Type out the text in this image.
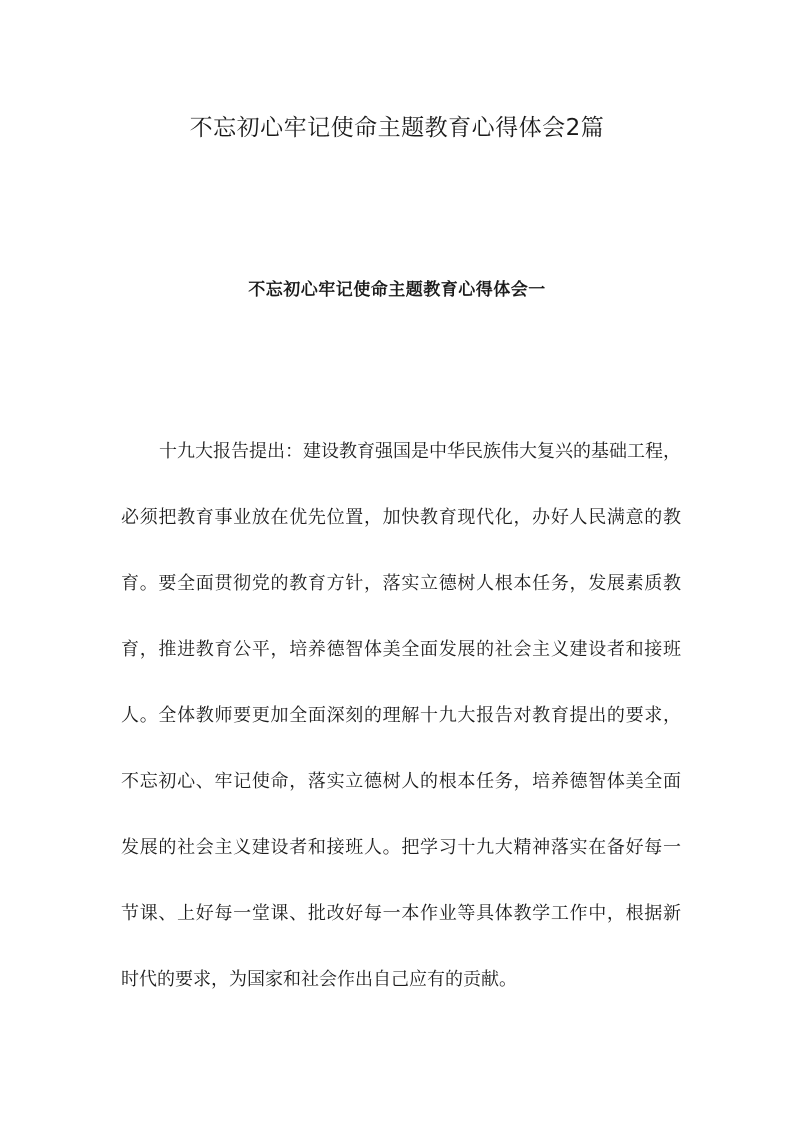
不忘初心牢记使命主题教育心得体会2篇
不忘初心牢记使命主题教育心得体会一
十九大报告提出：建设教育强国是中华民族伟大复兴的基础工程，
必须把教育事业放在优先位置，加快教育现代化，办好人民满意的教
育。要全面贯彻党的教育方针，落实立德树人根本任务，发展素质教
育，推进教育公平，培养德智体美全面发展的社会主义建设者和接班
人。全体教师要更加全面深刻的理解十九大报告对教育提出的要求，
不忘初心、牢记使命，落实立德树人的根本任务，培养德智体美全面
发展的社会主义建设者和接班人。把学习十九大精神落实在备好每一
节课、上好每一堂课、批改好每一本作业等具体教学工作中，根据新
时代的要求，为国家和社会作出自己应有的贡献。
